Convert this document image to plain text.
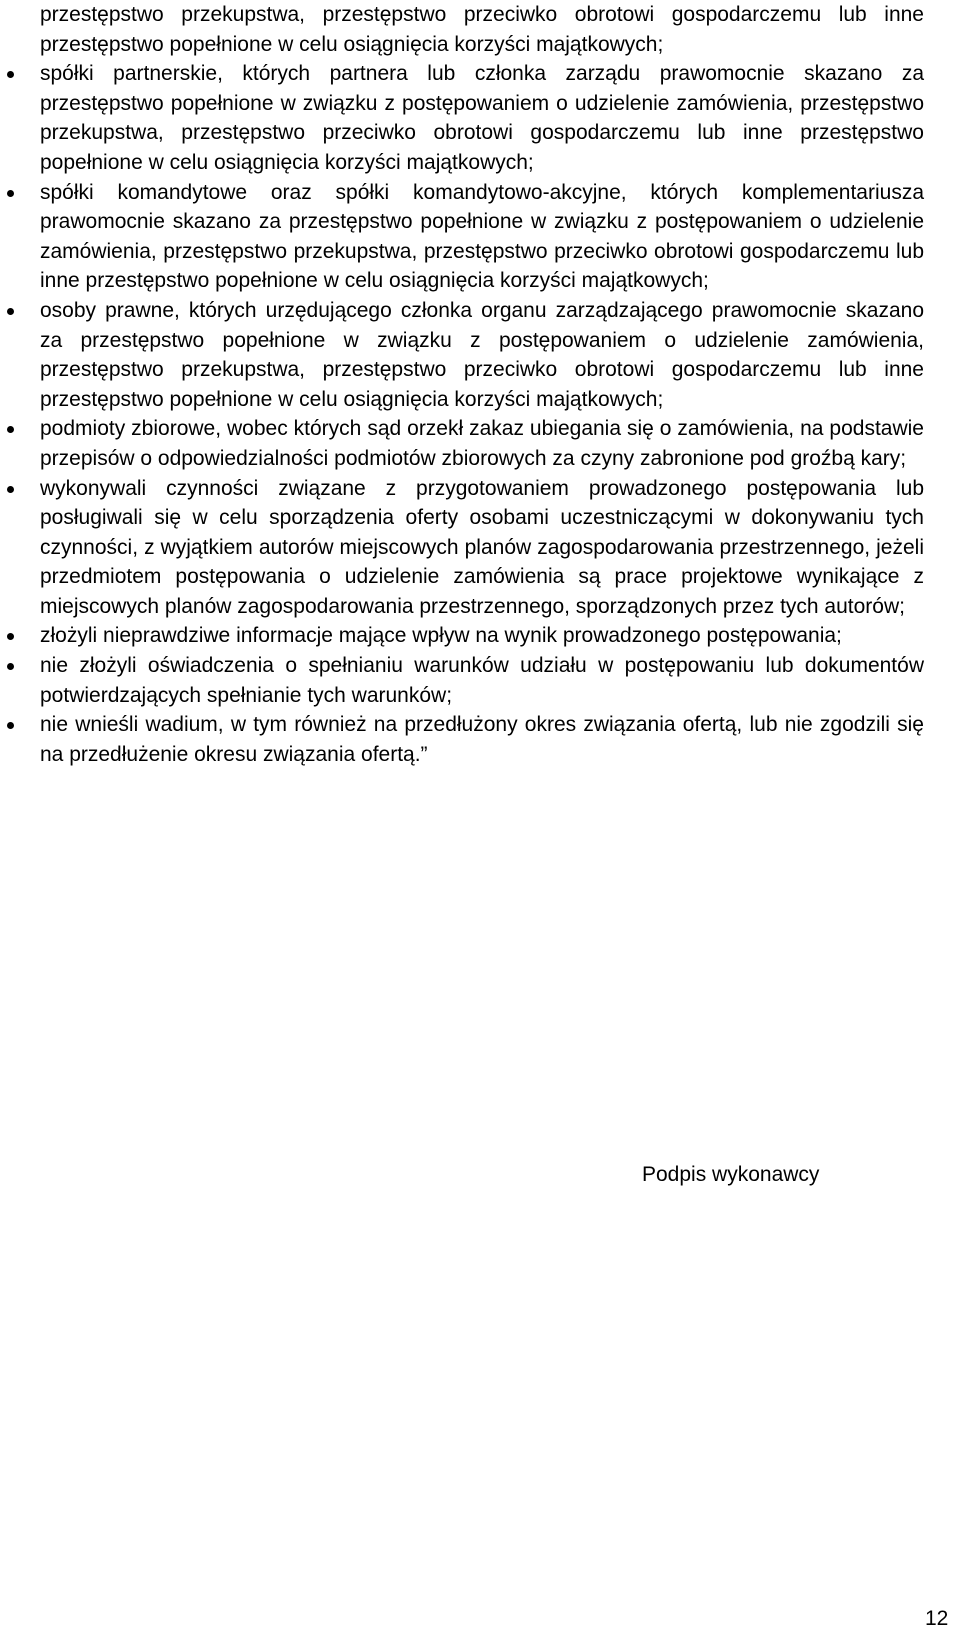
przestępstwo przekupstwa, przestępstwo przeciwko obrotowi gospodarczemu lub inne przestępstwo popełnione w celu osiągnięcia korzyści majątkowych;

spółki partnerskie, których partnera lub członka zarządu prawomocnie skazano za przestępstwo popełnione w związku z postępowaniem o udzielenie zamówienia, przestępstwo przekupstwa, przestępstwo przeciwko obrotowi gospodarczemu lub inne przestępstwo popełnione w celu osiągnięcia korzyści majątkowych;
spółki komandytowe oraz spółki komandytowo-akcyjne, których komplementariusza prawomocnie skazano za przestępstwo popełnione w związku z postępowaniem o udzielenie zamówienia, przestępstwo przekupstwa, przestępstwo przeciwko obrotowi gospodarczemu lub inne przestępstwo popełnione w celu osiągnięcia korzyści majątkowych;
osoby prawne, których urzędującego członka organu zarządzającego prawomocnie skazano za przestępstwo popełnione w związku z postępowaniem o udzielenie zamówienia, przestępstwo przekupstwa, przestępstwo przeciwko obrotowi gospodarczemu lub inne przestępstwo popełnione w celu osiągnięcia korzyści majątkowych;
podmioty zbiorowe, wobec których sąd orzekł zakaz ubiegania się o zamówienia, na podstawie przepisów o odpowiedzialności podmiotów zbiorowych za czyny zabronione pod groźbą kary;
wykonywali czynności związane z przygotowaniem prowadzonego postępowania lub posługiwali się w celu sporządzenia oferty osobami uczestniczącymi w dokonywaniu tych czynności, z wyjątkiem autorów miejscowych planów zagospodarowania przestrzennego, jeżeli przedmiotem postępowania o udzielenie zamówienia są prace projektowe wynikające z miejscowych planów zagospodarowania przestrzennego, sporządzonych przez tych autorów;
złożyli nieprawdziwe informacje mające wpływ na wynik prowadzonego postępowania;
nie złożyli oświadczenia o spełnianiu warunków udziału w postępowaniu lub dokumentów potwierdzających spełnianie tych warunków;
nie wnieśli wadium, w tym również na przedłużony okres związania ofertą, lub nie zgodzili się na przedłużenie okresu związania ofertą.”
Podpis wykonawcy
12
